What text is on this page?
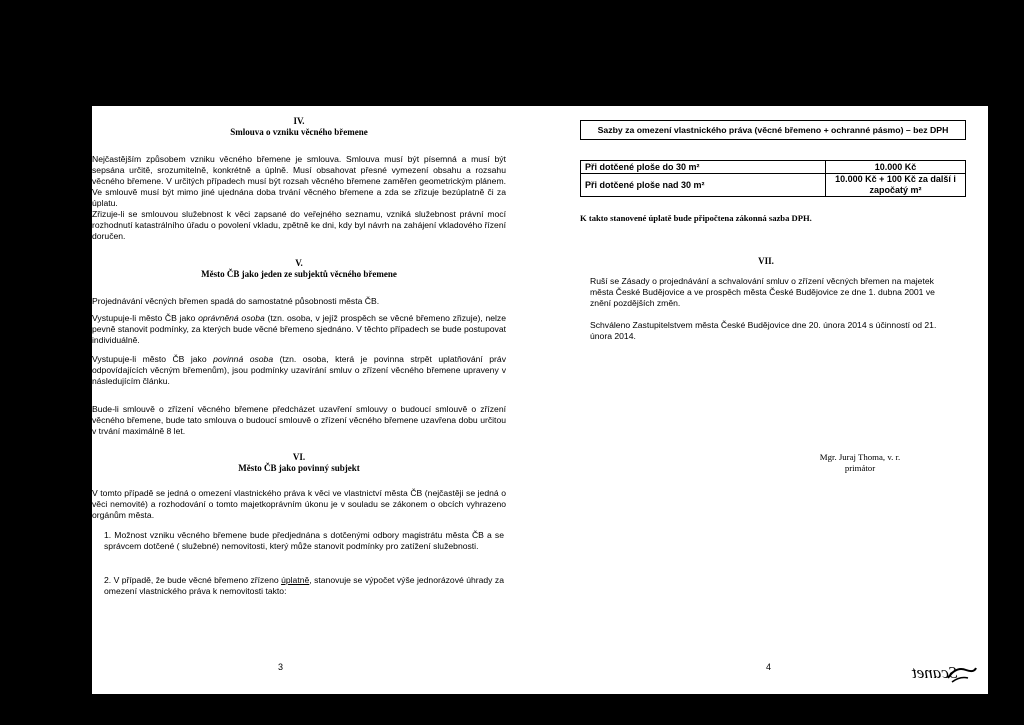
IV.
Smlouva o vzniku věcného břemene

Nejčastějším způsobem vzniku věcného břemene je smlouva. Smlouva musí být písemná a musí být sepsána určitě, srozumitelně, konkrétně a úplně. Musí obsahovat přesné vymezení obsahu a rozsahu věcného břemene. V určitých případech musí být rozsah věcného břemene zaměřen geometrickým plánem. Ve smlouvě musí být mimo jiné ujednána doba trvání věcného břemene a zda se zřizuje bezúplatně či za úplatu.

Zřizuje-li se smlouvou služebnost k věci zapsané do veřejného seznamu, vzniká služebnost právní mocí rozhodnutí katastrálního úřadu o povolení vkladu, zpětně ke dni, kdy byl návrh na zahájení vkladového řízení doručen.

V.
Město ČB jako jeden ze subjektů věcného břemene
Projednávání věcných břemen spadá do samostatné působnosti města ČB.
Vystupuje-li město ČB jako oprávněná osoba (tzn. osoba, v jejíž prospěch se věcné břemeno zřizuje), nelze pevně stanovit podmínky, za kterých bude věcné břemeno sjednáno. V těchto případech se bude postupovat individuálně.
Vystupuje-li město ČB jako povinná osoba (tzn. osoba, která je povinna strpět uplatňování práv odpovídajících věcným břemenům), jsou podmínky uzavírání smluv o zřízení věcného břemene upraveny v následujícím článku.
Bude-li smlouvě o zřízení věcného břemene předcházet uzavření smlouvy o budoucí smlouvě o zřízení věcného břemene, bude tato smlouva o budoucí smlouvě o zřízení věcného břemene uzavřena dobu určitou v trvání maximálně 8 let.
VI.
Město ČB jako povinný subjekt
V tomto případě se jedná o omezení vlastnického práva k věci ve vlastnictví města ČB (nejčastěji se jedná o věci nemovité) a rozhodování o tomto majetkoprávním úkonu je v souladu se zákonem o obcích vyhrazeno orgánům města.
1. Možnost vzniku věcného břemene bude předjednána s dotčenými odbory magistrátu města ČB a se správcem dotčené ( služebné) nemovitosti, který může stanovit podmínky pro zatížení služebnosti.
2. V případě, že bude věcné břemeno zřízeno úplatně, stanovuje se výpočet výše jednorázové úhrady za omezení vlastnického práva k nemovitosti takto:
3
Sazby za omezení vlastnického práva (věcné břemeno + ochranné pásmo) – bez DPH
Při dotčené ploše do 30 m²	10.000 Kč
Při dotčené ploše nad 30 m²	10.000 Kč + 100 Kč za další i započatý m²
K takto stanovené úplatě bude připočtena zákonná sazba DPH.
VII.
Ruší se Zásady o projednávání a schvalování smluv o zřízení věcných břemen na majetek města České Budějovice a ve prospěch města České Budějovice ze dne 1. dubna 2001 ve znění pozdějších změn.
Schváleno Zastupitelstvem města České Budějovice dne 20. února 2014 s účinností od 21. února 2014.
Mgr. Juraj Thoma, v. r.
primátor
4	Scanet
